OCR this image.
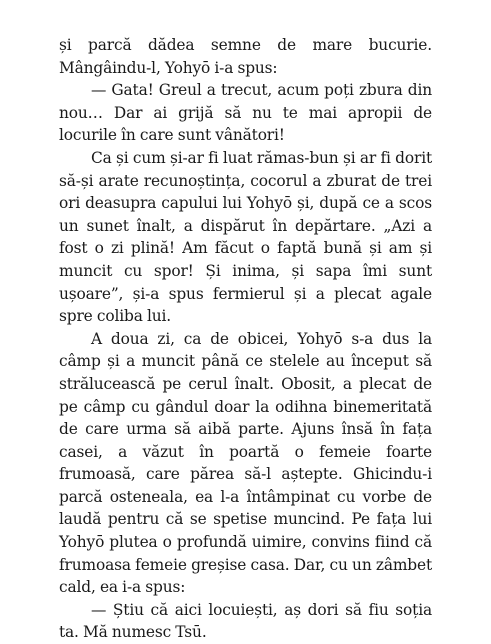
și parcă dădea semne de mare bucurie. Mângâindu-l, Yohyō i-a spus:

— Gata! Greul a trecut, acum poți zbura din nou… Dar ai grijă să nu te mai apropii de locurile în care sunt vânători!

Ca și cum și-ar fi luat rămas-bun și ar fi dorit să-și arate recunoștința, cocorul a zburat de trei ori deasupra capului lui Yohyō și, după ce a scos un sunet înalt, a dispărut în depărtare. „Azi a fost o zi plină! Am făcut o faptă bună și am și muncit cu spor! Și inima, și sapa îmi sunt ușoare”, și-a spus fermierul și a plecat agale spre coliba lui.

A doua zi, ca de obicei, Yohyō s-a dus la câmp și a muncit până ce stelele au început să strălucească pe cerul înalt. Obosit, a plecat de pe câmp cu gândul doar la odihna binemeritată de care urma să aibă parte. Ajuns însă în fața casei, a văzut în poartă o femeie foarte frumoasă, care părea să-l aștepte. Ghicindu-i parcă osteneala, ea l-a întâmpinat cu vorbe de laudă pentru că se spetise muncind. Pe fața lui Yohyō plutea o profundă uimire, convins fiind că frumoasa femeie greșise casa. Dar, cu un zâmbet cald, ea i-a spus:

— Știu că aici locuiești, aș dori să fiu soția ta. Mă numesc Tsū.
